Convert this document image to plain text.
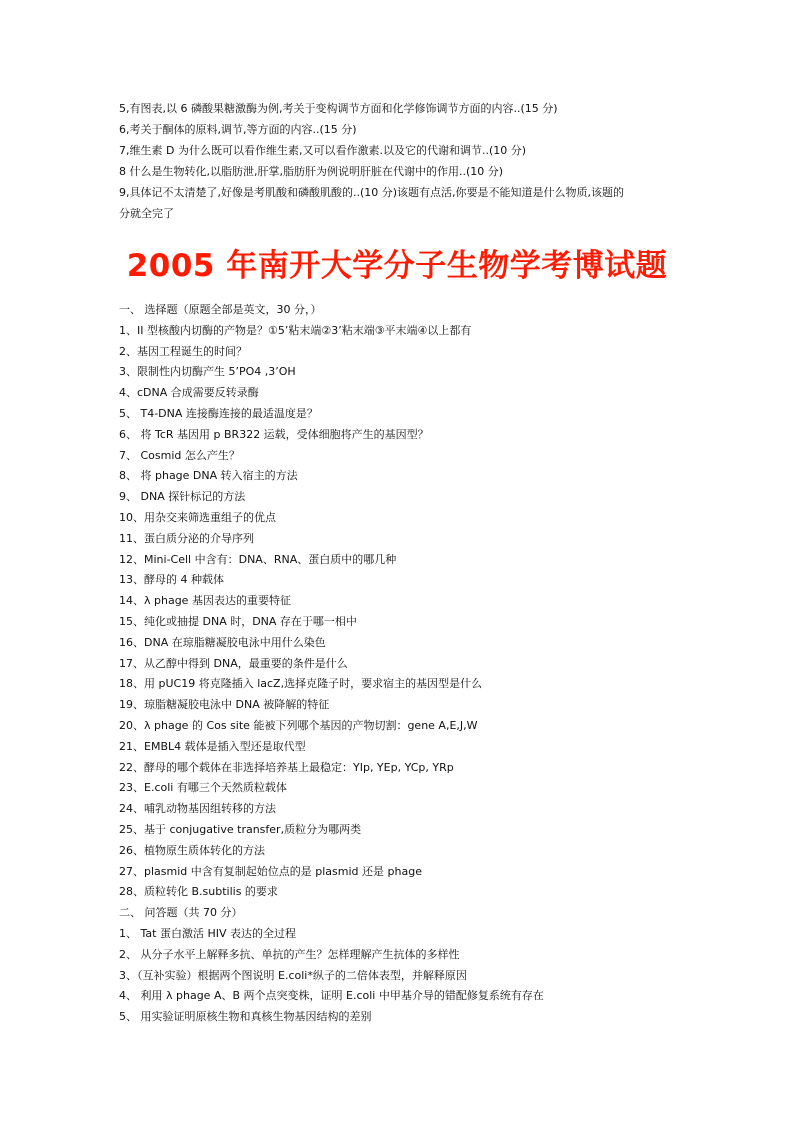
5,有图表,以 6 磷酸果糖激酶为例,考关于变构调节方面和化学修饰调节方面的内容..(15 分)
6,考关于酮体的原料,调节,等方面的内容..(15 分)
7,维生素 D 为什么既可以看作维生素,又可以看作激素.以及它的代谢和调节..(10 分)
8 什么是生物转化,以脂肪泄,肝掌,脂肪肝为例说明肝脏在代谢中的作用..(10 分)
9,具体记不太清楚了,好像是考肌酸和磷酸肌酸的..(10 分)该题有点活,你要是不能知道是什么物质,该题的
分就全完了
2005 年南开大学分子生物学考博试题
一、 选择题（原题全部是英文，30 分，）
1、II 型核酸内切酶的产物是？①5’粘末端②3’粘末端③平末端④以上都有
2、基因工程诞生的时间？
3、限制性内切酶产生 5’PO4 ,3’OH
4、cDNA 合成需要反转录酶
5、 T4-DNA 连接酶连接的最适温度是？
6、 将 TcR 基因用 p BR322 运载，受体细胞将产生的基因型？
7、 Cosmid 怎么产生？
8、 将 phage DNA 转入宿主的方法
9、 DNA 探针标记的方法
10、用杂交来筛选重组子的优点
11、蛋白质分泌的介导序列
12、Mini-Cell 中含有：DNA、RNA、蛋白质中的哪几种
13、酵母的 4 种载体
14、λ phage 基因表达的重要特征
15、纯化或抽提 DNA 时，DNA 存在于哪一相中
16、DNA 在琼脂糖凝胶电泳中用什么染色
17、从乙醇中得到 DNA，最重要的条件是什么
18、用 pUC19 将克隆插入 lacZ,选择克隆子时，要求宿主的基因型是什么
19、琼脂糖凝胶电泳中 DNA 被降解的特征
20、λ phage 的 Cos site 能被下列哪个基因的产物切割：gene A,E,J,W
21、EMBL4 载体是插入型还是取代型
22、酵母的哪个载体在非选择培养基上最稳定：YIp, YEp, YCp, YRp
23、E.coli 有哪三个天然质粒载体
24、哺乳动物基因组转移的方法
25、基于 conjugative transfer,质粒分为哪两类
26、植物原生质体转化的方法
27、plasmid 中含有复制起始位点的是 plasmid 还是 phage
28、质粒转化 B.subtilis 的要求
二、 问答题（共 70 分）
1、 Tat 蛋白激活 HIV 表达的全过程
2、 从分子水平上解释多抗、单抗的产生？怎样理解产生抗体的多样性
3、（互补实验）根据两个图说明 E.coli*纵子的二倍体表型，并解释原因
4、 利用 λ phage A、B 两个点突变株，证明 E.coli 中甲基介导的错配修复系统有存在
5、 用实验证明原核生物和真核生物基因结构的差别
